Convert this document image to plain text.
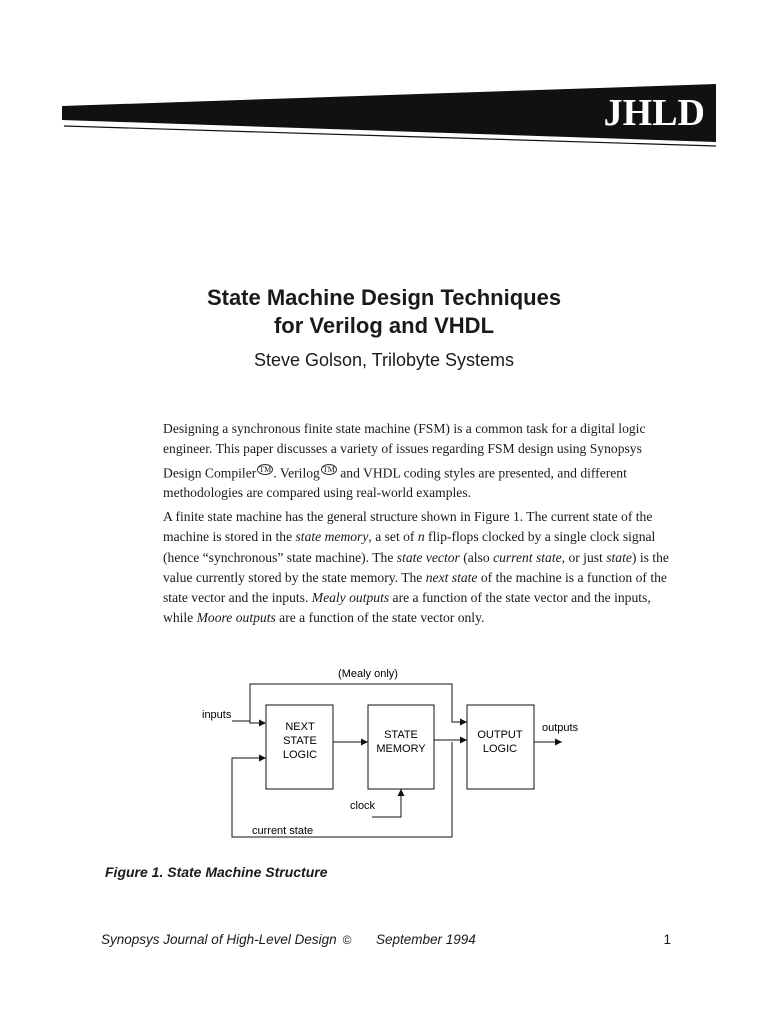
JHLD
State Machine Design Techniques
for Verilog and VHDL
Steve Golson, Trilobyte Systems

Designing a synchronous finite state machine (FSM) is a common task for a digital logic engineer. This paper discusses a variety of issues regarding FSM design using Synopsys Design Compiler ™ . Verilog ™ and VHDL coding styles are presented, and different methodologies are compared using real-world examples.

A finite state machine has the general structure shown in Figure 1. The current state of the machine is stored in the state memory, a set of n flip-flops clocked by a single clock signal (hence “synchronous” state machine). The state vector (also current state, or just state) is the value currently stored by the state memory. The next state of the machine is a function of the state vector and the inputs. Mealy outputs are a function of the state vector and the inputs, while Moore outputs are a function of the state vector only.

NEXT
STATE
LOGIC
STATE
MEMORY
OUTPUT
LOGIC
inputs
(Mealy only)
outputs
clock
current state
Figure 1. State Machine Structure
Synopsys Journal of High-Level Design © September 1994	1
